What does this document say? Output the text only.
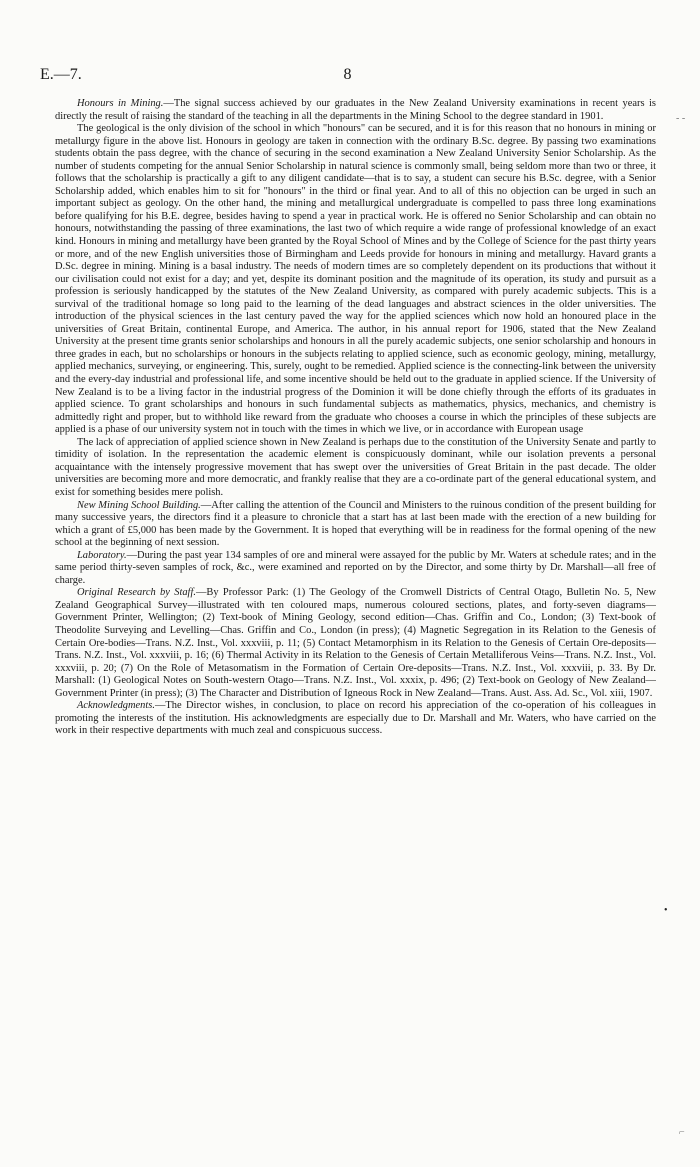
E.—7.	8

Honours in Mining.—The signal success achieved by our graduates in the New Zealand University examinations in recent years is directly the result of raising the standard of the teaching in all the departments in the Mining School to the degree standard in 1901.

The geological is the only division of the school in which "honours" can be secured, and it is for this reason that no honours in mining or metallurgy figure in the above list. Honours in geology are taken in connection with the ordinary B.Sc. degree. By passing two examinations students obtain the pass degree, with the chance of securing in the second examination a New Zealand University Senior Scholarship. As the number of students competing for the annual Senior Scholarship in natural science is commonly small, being seldom more than two or three, it follows that the scholarship is practically a gift to any diligent candidate—that is to say, a student can secure his B.Sc. degree, with a Senior Scholarship added, which enables him to sit for "honours" in the third or final year. And to all of this no objection can be urged in such an important subject as geology. On the other hand, the mining and metallurgical undergraduate is compelled to pass three long examinations before qualifying for his B.E. degree, besides having to spend a year in practical work. He is offered no Senior Scholarship and can obtain no honours, notwithstanding the passing of three examinations, the last two of which require a wide range of professional knowledge of an exact kind. Honours in mining and metallurgy have been granted by the Royal School of Mines and by the College of Science for the past thirty years or more, and of the new English universities those of Birmingham and Leeds provide for honours in mining and metallurgy. Havard grants a D.Sc. degree in mining. Mining is a basal industry. The needs of modern times are so completely dependent on its productions that without it our civilisation could not exist for a day; and yet, despite its dominant position and the magnitude of its operation, its study and pursuit as a profession is seriously handicapped by the statutes of the New Zealand University, as compared with purely academic subjects. This is a survival of the traditional homage so long paid to the learning of the dead languages and abstract sciences in the older universities. The introduction of the physical sciences in the last century paved the way for the applied sciences which now hold an honoured place in the universities of Great Britain, continental Europe, and America. The author, in his annual report for 1906, stated that the New Zealand University at the present time grants senior scholarships and honours in all the purely academic subjects, one senior scholarship and honours in three grades in each, but no scholarships or honours in the subjects relating to applied science, such as economic geology, mining, metallurgy, applied mechanics, surveying, or engineering. This, surely, ought to be remedied. Applied science is the connecting-link between the university and the every-day industrial and professional life, and some incentive should be held out to the graduate in applied science. If the University of New Zealand is to be a living factor in the industrial progress of the Dominion it will be done chiefly through the efforts of its graduates in applied science. To grant scholarships and honours in such fundamental subjects as mathematics, physics, mechanics, and chemistry is admittedly right and proper, but to withhold like reward from the graduate who chooses a course in which the principles of these subjects are applied is a phase of our university system not in touch with the times in which we live, or in accordance with European usage

The lack of appreciation of applied science shown in New Zealand is perhaps due to the constitution of the University Senate and partly to timidity of isolation. In the representation the academic element is conspicuously dominant, while our isolation prevents a personal acquaintance with the intensely progressive movement that has swept over the universities of Great Britain in the past decade. The older universities are becoming more and more democratic, and frankly realise that they are a co-ordinate part of the general educational system, and exist for something besides mere polish.

New Mining School Building.—After calling the attention of the Council and Ministers to the ruinous condition of the present building for many successive years, the directors find it a pleasure to chronicle that a start has at last been made with the erection of a new building for which a grant of £5,000 has been made by the Government. It is hoped that everything will be in readiness for the formal opening of the new school at the beginning of next session.

Laboratory.—During the past year 134 samples of ore and mineral were assayed for the public by Mr. Waters at schedule rates; and in the same period thirty-seven samples of rock, &c., were examined and reported on by the Director, and some thirty by Dr. Marshall—all free of charge.

Original Research by Staff.—By Professor Park: (1) The Geology of the Cromwell Districts of Central Otago, Bulletin No. 5, New Zealand Geographical Survey—illustrated with ten coloured maps, numerous coloured sections, plates, and forty-seven diagrams—Government Printer, Wellington; (2) Text-book of Mining Geology, second edition—Chas. Griffin and Co., London; (3) Text-book of Theodolite Surveying and Levelling—Chas. Griffin and Co., London (in press); (4) Magnetic Segregation in its Relation to the Genesis of Certain Ore-bodies—Trans. N.Z. Inst., Vol. xxxviii, p. 11; (5) Contact Metamorphism in its Relation to the Genesis of Certain Ore-deposits—Trans. N.Z. Inst., Vol. xxxviii, p. 16; (6) Thermal Activity in its Relation to the Genesis of Certain Metalliferous Veins—Trans. N.Z. Inst., Vol. xxxviii, p. 20; (7) On the Role of Metasomatism in the Formation of Certain Ore-deposits—Trans. N.Z. Inst., Vol. xxxviii, p. 33. By Dr. Marshall: (1) Geological Notes on South-western Otago—Trans. N.Z. Inst., Vol. xxxix, p. 496; (2) Text-book on Geology of New Zealand—Government Printer (in press); (3) The Character and Distribution of Igneous Rock in New Zealand—Trans. Aust. Ass. Ad. Sc., Vol. xiii, 1907.

Acknowledgments.—The Director wishes, in conclusion, to place on record his appreciation of the co-operation of his colleagues in promoting the interests of the institution. His acknowledgments are especially due to Dr. Marshall and Mr. Waters, who have carried on the work in their respective departments with much zeal and conspicuous success.

‐ ‐
•
⌐
